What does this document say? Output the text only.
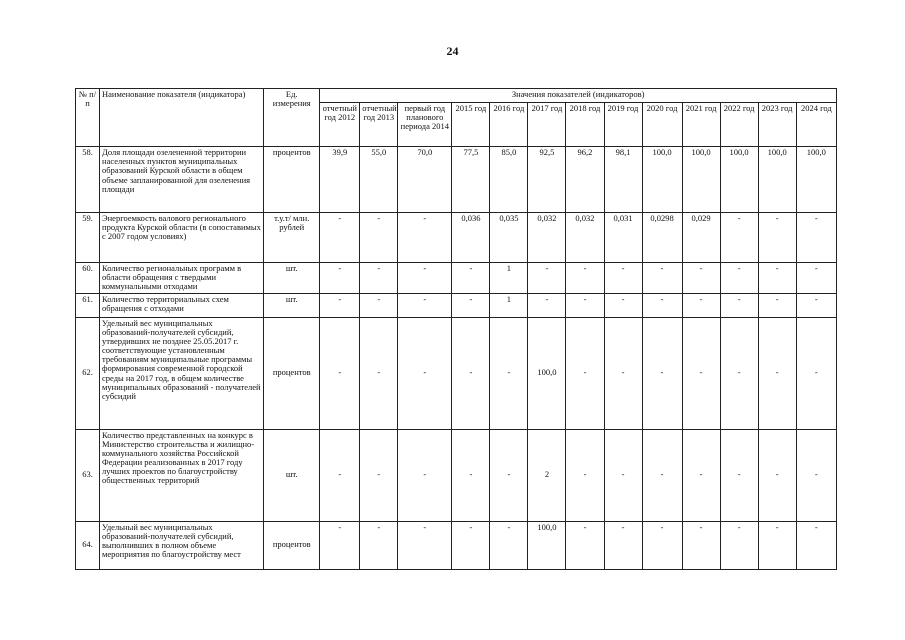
24
№ п/п	Наименование показателя (индикатора)	Ед. измерения	Значения показателей (индикаторов)												
			отчетный год 2012	отчетный год 2013	первый год планового периода 2014	2015 год	2016 год	2017 год	2018 год	2019 год	2020 год	2021 год	2022 год	2023 год	2024 год
58.	Доля площади озелененной территории населенных пунктов муниципальных образований Курской области в общем объеме запланированной для озеленения площади	процентов	39,9	55,0	70,0	77,5	85,0	92,5	96,2	98,1	100,0	100,0	100,0	100,0	100,0
59.	Энергоемкость валового регионального продукта Курской области (в сопоставимых с 2007 годом условиях)	т.у.т/ млн. рублей	-	-	-	0,036	0,035	0,032	0,032	0,031	0,0298	0,029	-	-	-
60.	Количество региональных программ в области обращения с твердыми коммунальными отходами	шт.	-	-	-	-	1	-	-	-	-	-	-	-	-
61.	Количество территориальных схем обращения с отходами	шт.	-	-	-	-	1	-	-	-	-	-	-	-	-
62.	Удельный вес муниципальных образований-получателей субсидий, утвердивших не позднее 25.05.2017 г. соответствующие установленным требованиям муниципальные программы формирования современной городской среды на 2017 год, в общем количестве муниципальных образований - получателей субсидий	процентов	-	-	-	-	-	100,0	-	-	-	-	-	-	-
63.	Количество представленных на конкурс в Министерство строительства и жилищно-коммунального хозяйства Российской Федерации реализованных в 2017 году лучших проектов по благоустройству общественных территорий	шт.	-	-	-	-	-	2	-	-	-	-	-	-	-
64.	Удельный вес муниципальных образований-получателей субсидий, выполнивших в полном объеме мероприятия по благоустройству мест	процентов	-	-	-	-	-	100,0	-	-	-	-	-	-	-
